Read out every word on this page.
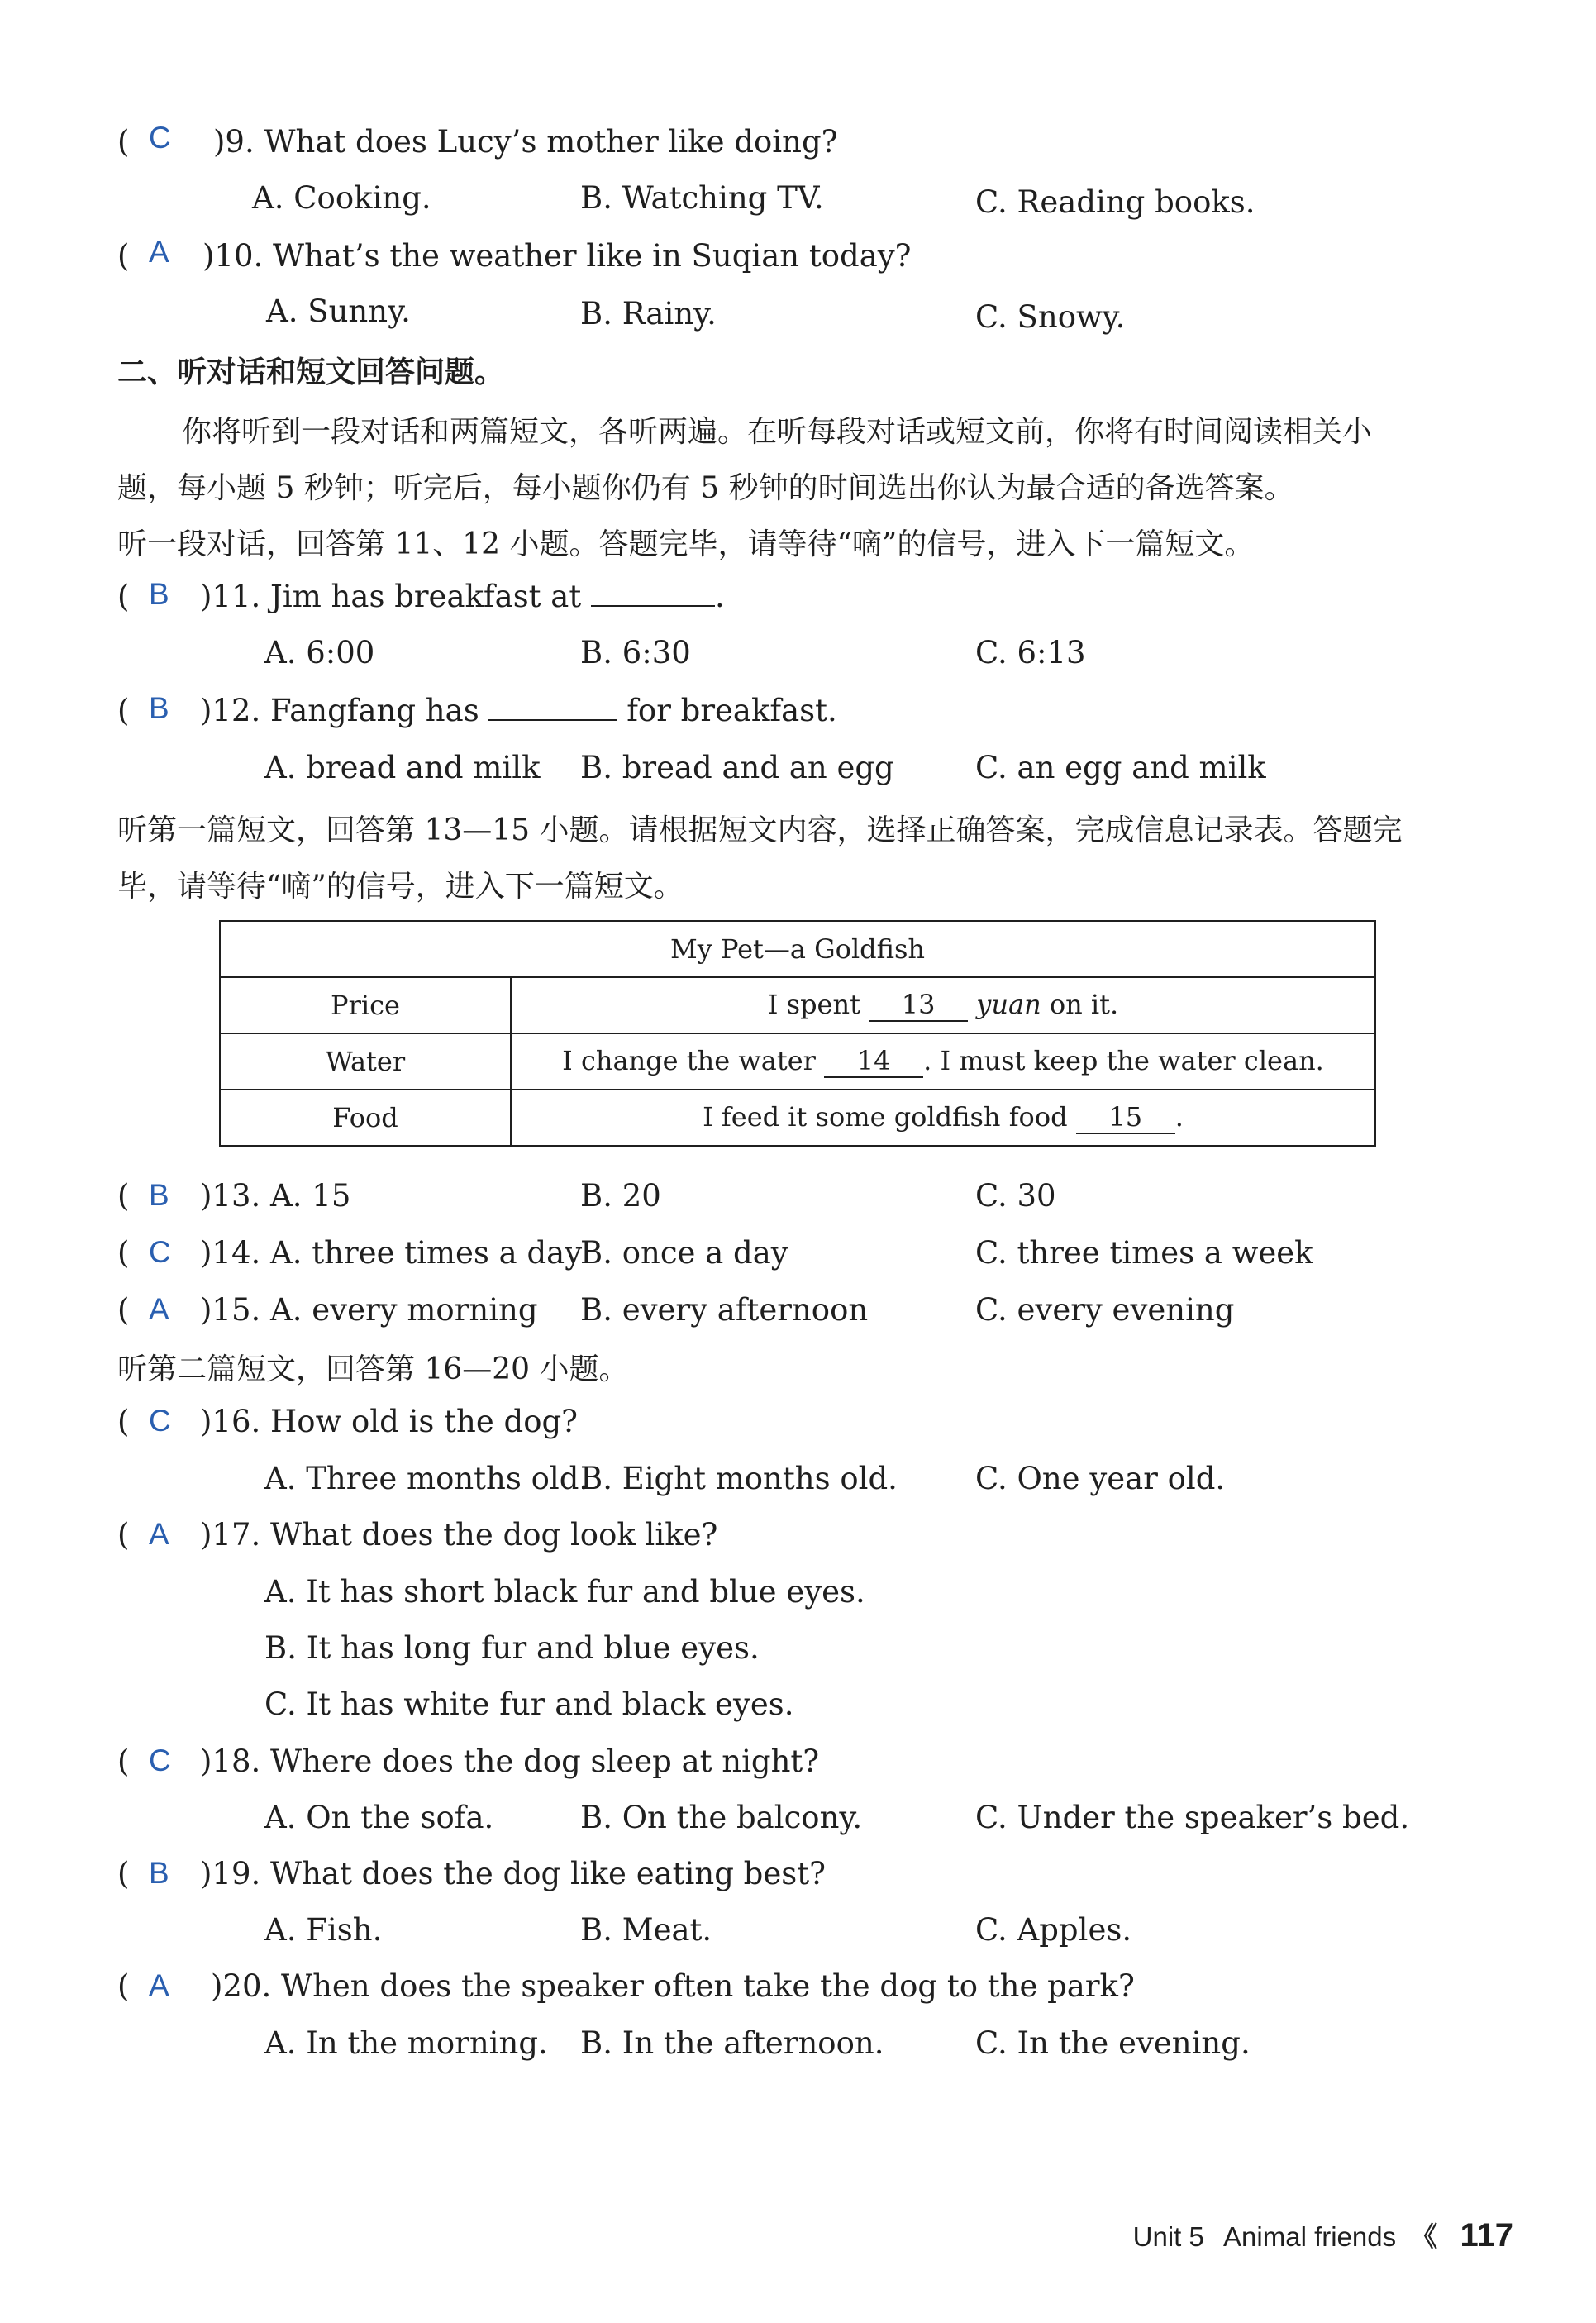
( C )9. What does Lucy’s mother like doing?
A. Cooking.	B. Watching TV.	C. Reading books.
( A )10. What’s the weather like in Suqian today?
A. Sunny.	B. Rainy.	C. Snowy.
二、听对话和短文回答问题。
你将听到一段对话和两篇短文，各听两遍。在听每段对话或短文前，你将有时间阅读相关小
题，每小题 5 秒钟；听完后，每小题你仍有 5 秒钟的时间选出你认为最合适的备选答案。
听一段对话，回答第 11、12 小题。答题完毕，请等待“嘀”的信号，进入下一篇短文。
( B )11. Jim has breakfast at	.
A. 6:00	B. 6:30	C. 6:13
( B )12. Fangfang has	for breakfast.
A. bread and milk B. bread and an egg	C. an egg and milk
听第一篇短文，回答第 13—15 小题。请根据短文内容，选择正确答案，完成信息记录表。答题完
毕，请等待“嘀”的信号，进入下一篇短文。
My Pet—a Goldfish	
Price	I spent 13 yuan on it.
Water	I change the water 14 . I must keep the water clean.
Food	I feed it some goldfish food 15 .
( B )13. A. 15	B. 20	C. 30
( C )14. A. three times a day
B. once a day	C. three times a week
( A )15. A. every morning B. every afternoon	C. every evening
听第二篇短文，回答第 16—20 小题。
( C )16. How old is the dog?
A. Three months old.
B. Eight months old.	C. One year old.
( A )17. What does the dog look like?
A. It has short black fur and blue eyes.
B. It has long fur and blue eyes.
C. It has white fur and black eyes.
( C )18. Where does the dog sleep at night?
A. On the sofa.	B. On the balcony.	C. Under the speaker’s bed.
( B )19. What does the dog like eating best?
A. Fish.	B. Meat.	C. Apples.
( A )20. When does the speaker often take the dog to the park?
A. In the morning. B. In the afternoon.	C. In the evening.
Unit 5 Animal friends 《 117
